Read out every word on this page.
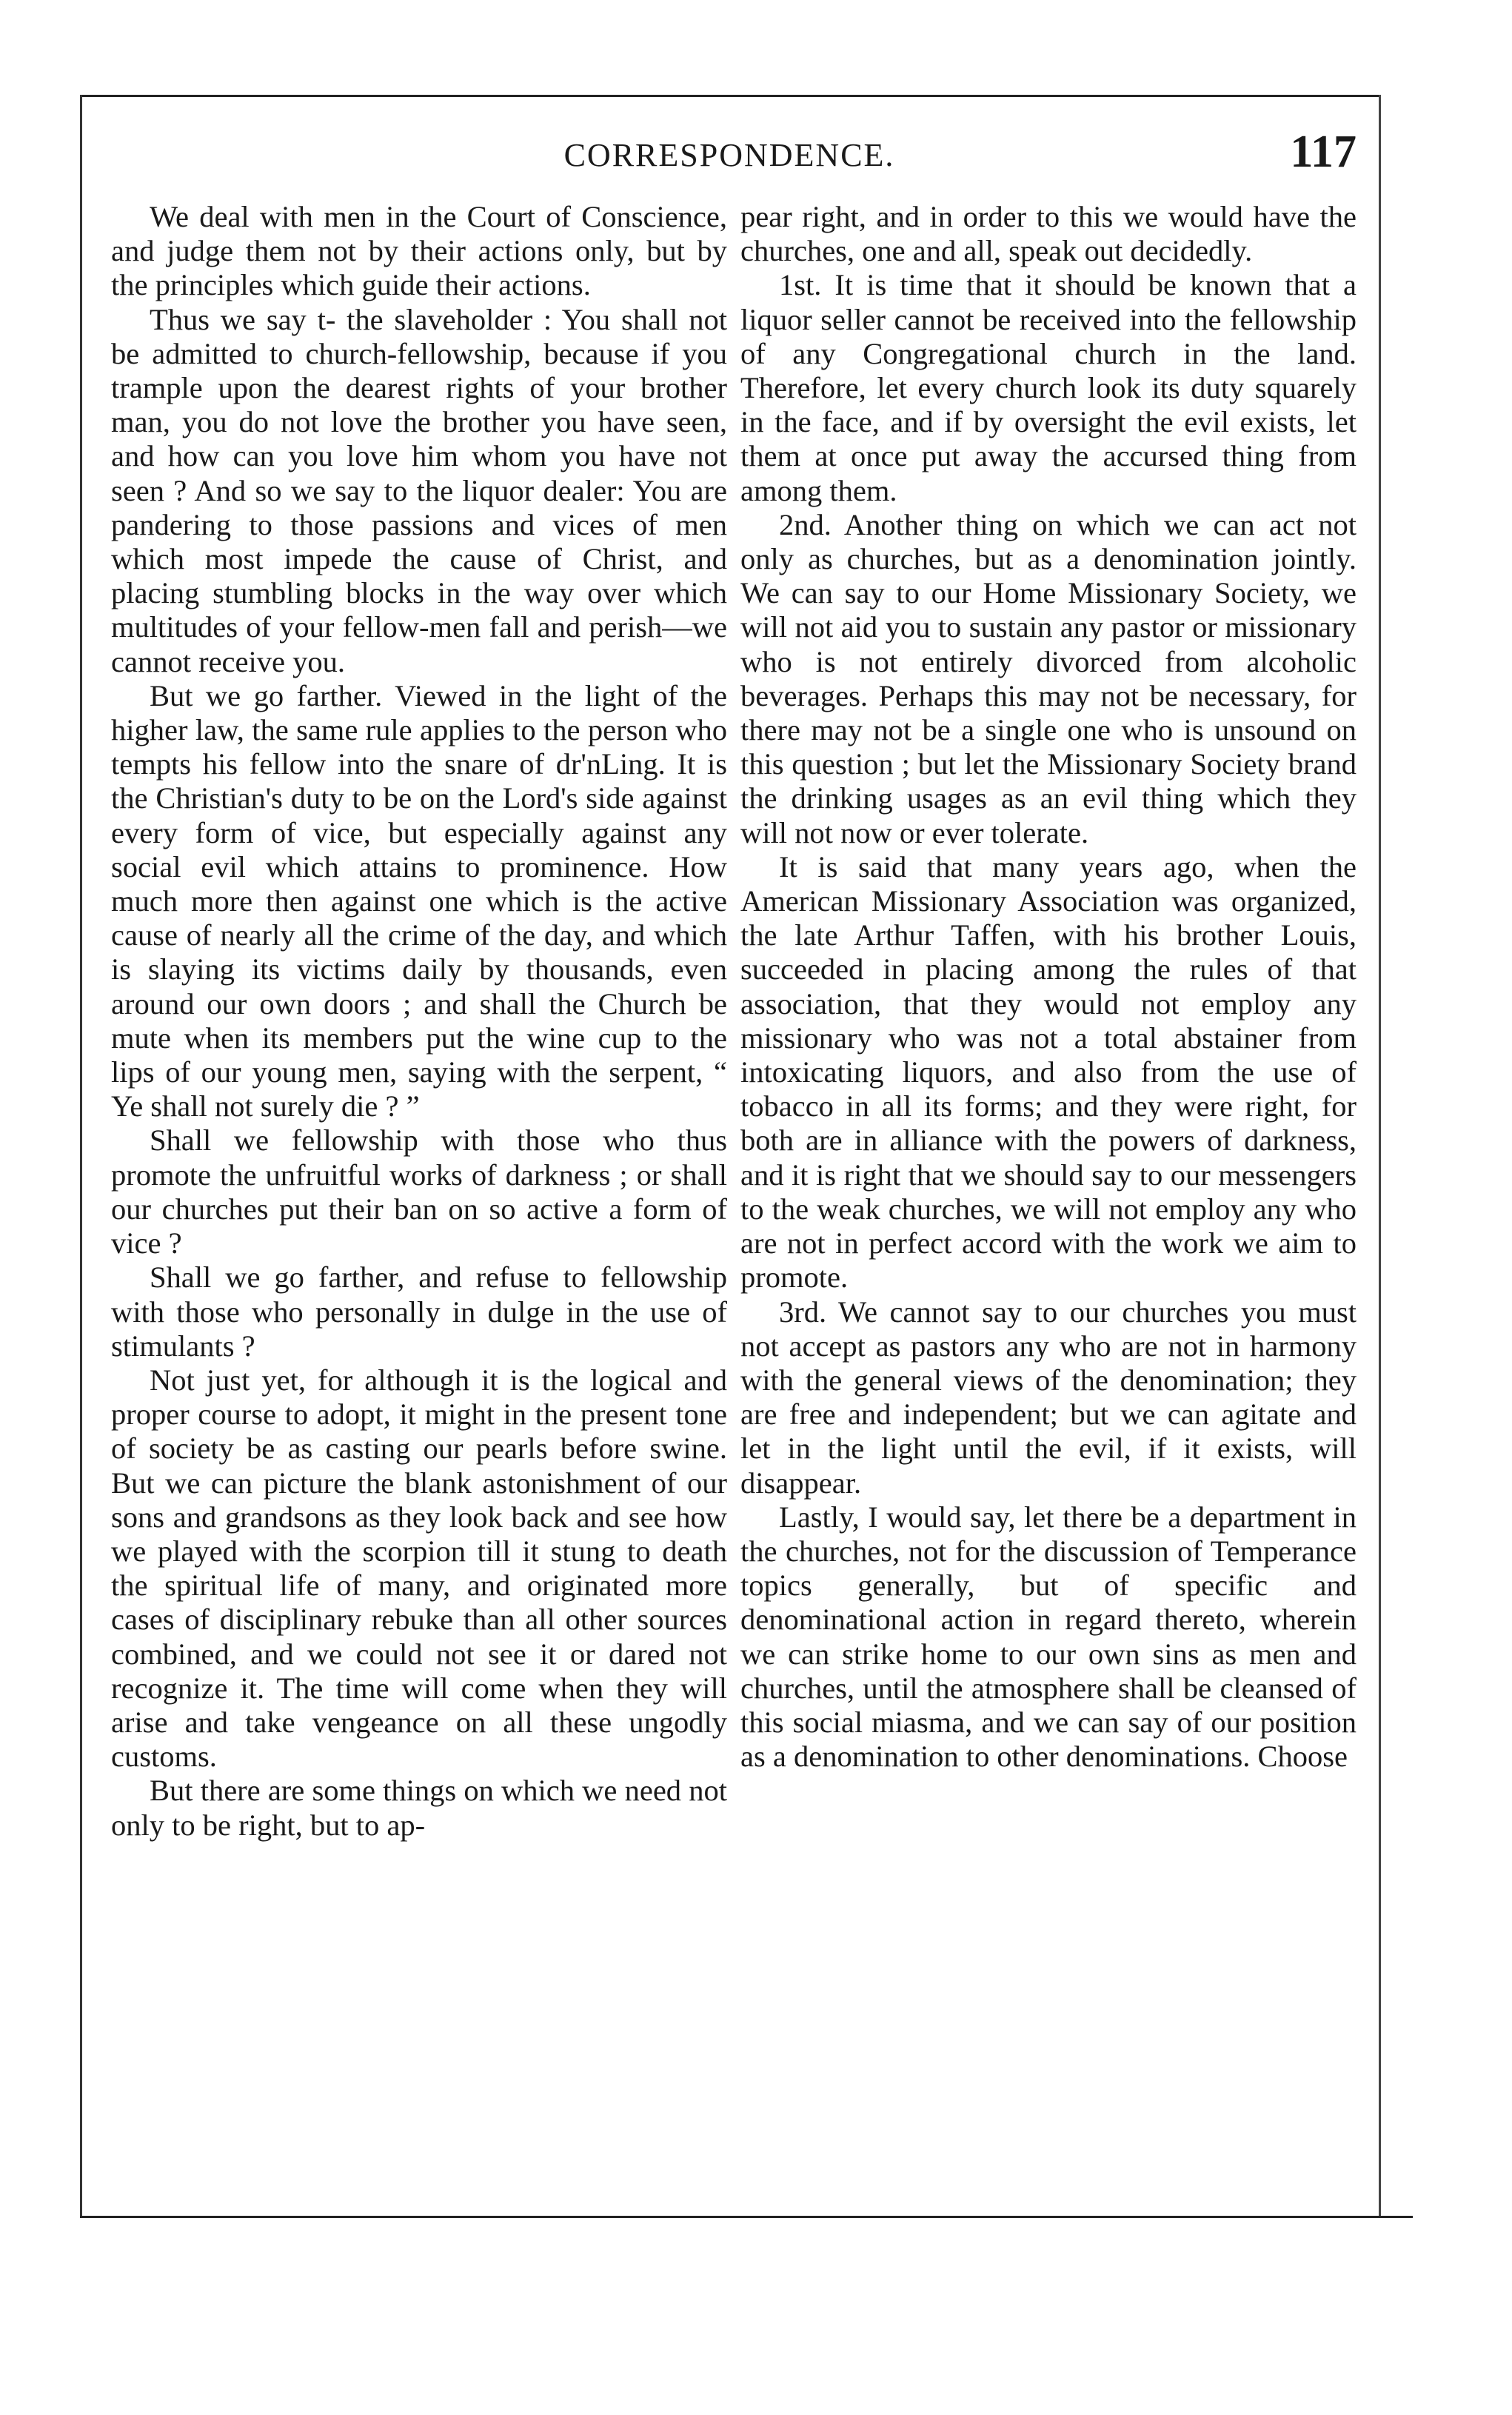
CORRESPONDENCE.	117

We deal with men in the Court of Conscience, and judge them not by their actions only, but by the principles which guide their actions.

Thus we say t- the slaveholder : You shall not be admitted to church-fellowship, because if you trample upon the dearest rights of your brother man, you do not love the brother you have seen, and how can you love him whom you have not seen ? And so we say to the liquor dealer: You are pandering to those passions and vices of men which most impede the cause of Christ, and placing stumbling blocks in the way over which multitudes of your fellow-men fall and perish—we cannot receive you.

But we go farther. Viewed in the light of the higher law, the same rule applies to the person who tempts his fellow into the snare of dr'nLing. It is the Christian's duty to be on the Lord's side against every form of vice, but especially against any social evil which attains to prominence. How much more then against one which is the active cause of nearly all the crime of the day, and which is slaying its victims daily by thousands, even around our own doors ; and shall the Church be mute when its members put the wine cup to the lips of our young men, saying with the serpent, “ Ye shall not surely die ? ”

Shall we fellowship with those who thus promote the unfruitful works of darkness ; or shall our churches put their ban on so active a form of vice ?

Shall we go farther, and refuse to fellowship with those who personally in dulge in the use of stimulants ?

Not just yet, for although it is the logical and proper course to adopt, it might in the present tone of society be as casting our pearls before swine. But we can picture the blank astonishment of our sons and grandsons as they look back and see how we played with the scorpion till it stung to death the spiritual life of many, and originated more cases of disciplinary rebuke than all other sources combined, and we could not see it or dared not recognize it. The time will come when they will arise and take vengeance on all these ungodly customs.

But there are some things on which we need not only to be right, but to ap-

pear right, and in order to this we would have the churches, one and all, speak out decidedly.

1st. It is time that it should be known that a liquor seller cannot be received into the fellowship of any Congregational church in the land. Therefore, let every church look its duty squarely in the face, and if by oversight the evil exists, let them at once put away the accursed thing from among them.

2nd. Another thing on which we can act not only as churches, but as a denomination jointly. We can say to our Home Missionary Society, we will not aid you to sustain any pastor or missionary who is not entirely divorced from alcoholic beverages. Perhaps this may not be necessary, for there may not be a single one who is unsound on this question ; but let the Missionary Society brand the drinking usages as an evil thing which they will not now or ever tolerate.

It is said that many years ago, when the American Missionary Association was organized, the late Arthur Taffen, with his brother Louis, succeeded in placing among the rules of that association, that they would not employ any missionary who was not a total abstainer from intoxicating liquors, and also from the use of tobacco in all its forms; and they were right, for both are in alliance with the powers of darkness, and it is right that we should say to our messengers to the weak churches, we will not employ any who are not in perfect accord with the work we aim to promote.

3rd. We cannot say to our churches you must not accept as pastors any who are not in harmony with the general views of the denomination; they are free and independent; but we can agitate and let in the light until the evil, if it exists, will disappear.

Lastly, I would say, let there be a department in the churches, not for the discussion of Temperance topics generally, but of specific and denominational action in regard thereto, wherein we can strike home to our own sins as men and churches, until the atmosphere shall be cleansed of this social miasma, and we can say of our position as a denomination to other denominations. Choose
